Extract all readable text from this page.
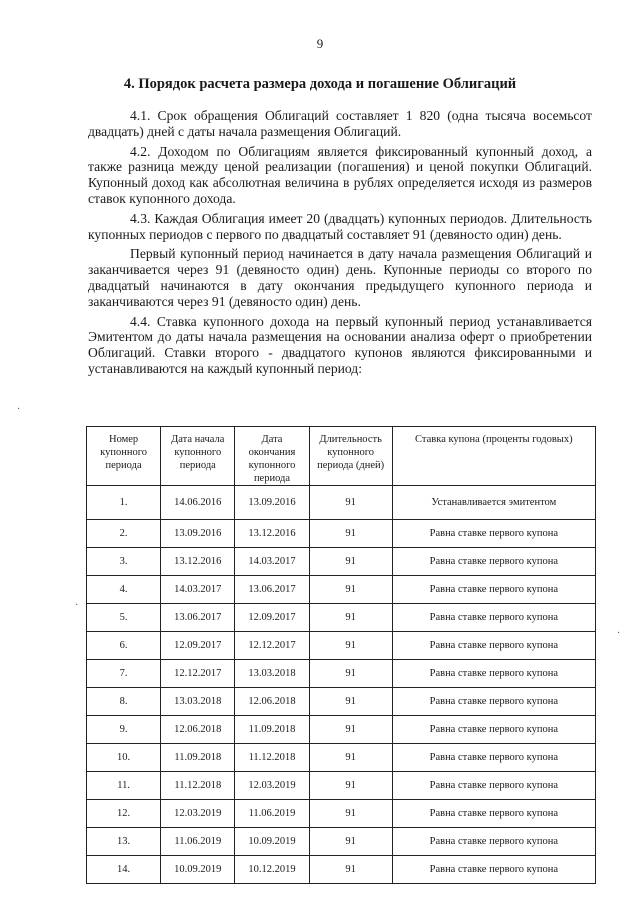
9
4. Порядок расчета размера дохода и погашение Облигаций

4.1. Срок обращения Облигаций составляет 1 820 (одна тысяча восемьсот двадцать) дней с даты начала размещения Облигаций.

4.2. Доходом по Облигациям является фиксированный купонный доход, а также разница между ценой реализации (погашения) и ценой покупки Облигаций. Купонный доход как абсолютная величина в рублях определяется исходя из размеров ставок купонного дохода.

4.3. Каждая Облигация имеет 20 (двадцать) купонных периодов. Длительность купонных периодов с первого по двадцатый составляет 91 (девяносто один) день.

Первый купонный период начинается в дату начала размещения Облигаций и заканчивается через 91 (девяносто один) день. Купонные периоды со второго по двадцатый начинаются в дату окончания предыдущего купонного периода и заканчиваются через 91 (девяносто один) день.

4.4. Ставка купонного дохода на первый купонный период устанавливается Эмитентом до даты начала размещения на основании анализа оферт о приобретении Облигаций. Ставки второго - двадцатого купонов являются фиксированными и устанавливаются на каждый купонный период:

Номер купонного периода	Дата начала купонного периода	Дата окончания купонного периода	Длительность купонного периода (дней)	Ставка купона (проценты годовых)
1.	14.06.2016	13.09.2016	91	Устанавливается эмитентом
2.	13.09.2016	13.12.2016	91	Равна ставке первого купона
3.	13.12.2016	14.03.2017	91	Равна ставке первого купона
4.	14.03.2017	13.06.2017	91	Равна ставке первого купона
5.	13.06.2017	12.09.2017	91	Равна ставке первого купона
6.	12.09.2017	12.12.2017	91	Равна ставке первого купона
7.	12.12.2017	13.03.2018	91	Равна ставке первого купона
8.	13.03.2018	12.06.2018	91	Равна ставке первого купона
9.	12.06.2018	11.09.2018	91	Равна ставке первого купона
10.	11.09.2018	11.12.2018	91	Равна ставке первого купона
11.	11.12.2018	12.03.2019	91	Равна ставке первого купона
12.	12.03.2019	11.06.2019	91	Равна ставке первого купона
13.	11.06.2019	10.09.2019	91	Равна ставке первого купона
14.	10.09.2019	10.12.2019	91	Равна ставке первого купона
·
·
·
